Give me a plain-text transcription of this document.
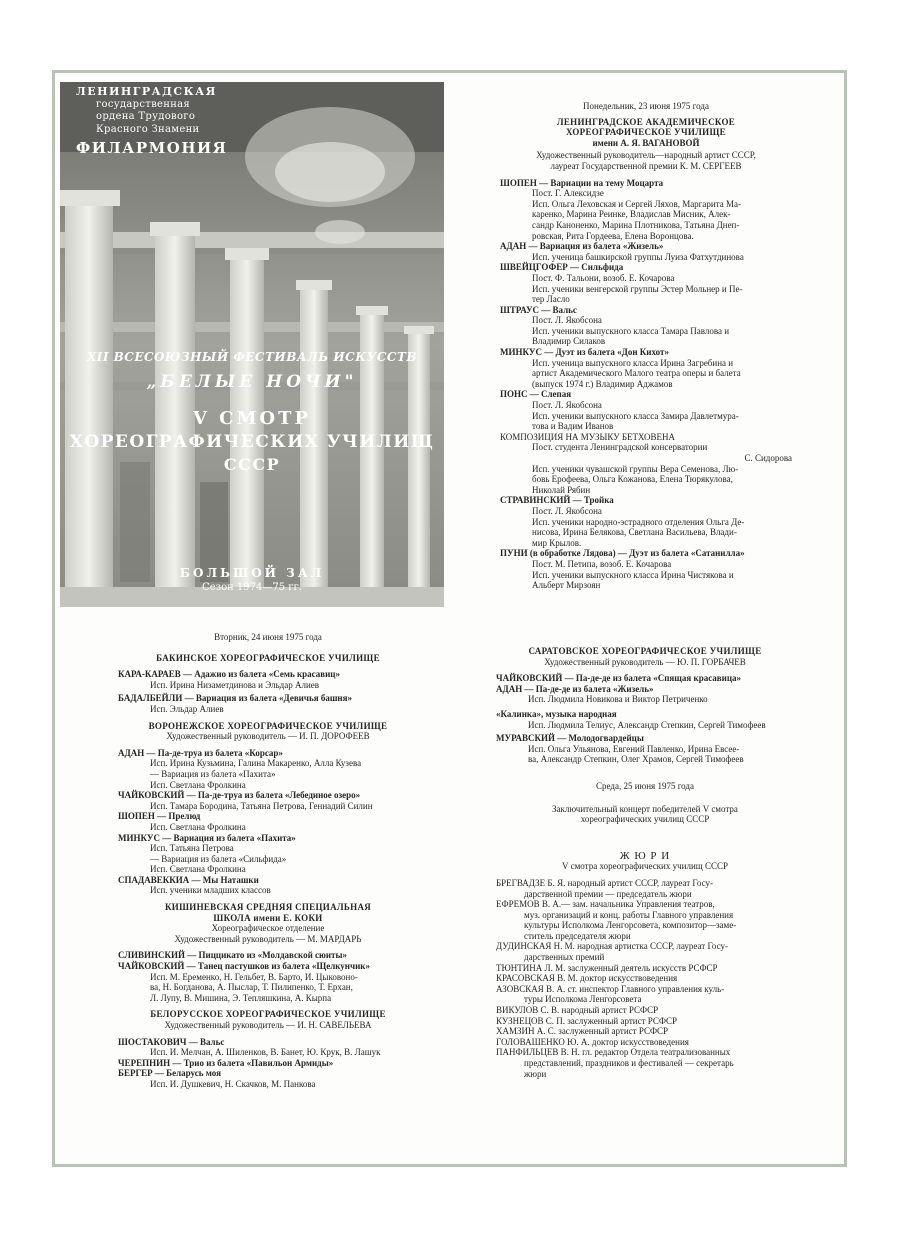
ЛЕНИНГРАДСКАЯ
государственная
ордена Трудового
Красного Знамени
ФИЛАРМОНИЯ
XII ВСЕСОЮЗНЫЙ ФЕСТИВАЛЬ ИСКУССТВ
„БЕЛЫЕ НОЧИ"
V СМОТР
ХОРЕОГРАФИЧЕСКИХ УЧИЛИЩ
СССР
БОЛЬШОЙ ЗАЛ
Сезон 1974—75 гг.

Понедельник, 23 июня 1975 года

ЛЕНИНГРАДСКОЕ АКАДЕМИЧЕСКОЕ

ХОРЕОГРАФИЧЕСКОЕ УЧИЛИЩЕ

имени А. Я. ВАГАНОВОЙ

Художественный руководитель—народный артист СССР,

лауреат Государственной премии К. М. СЕРГЕЕВ

ШОПЕН — Вариации на тему Моцарта

Пост. Г. Алексидзе

Исп. Ольга Леховская и Сергей Ляхов, Маргарита Ма-

каренко, Марина Реинке, Владислав Мисник, Алек-

сандр Каноненко, Марина Плотникова, Татьяна Днеп-

ровская, Рита Гордеева, Елена Воронцова.

АДАН — Вариация из балета «Жизель»

Исп. ученица башкирской группы Луиза Фатхутдинова

ШВЕЙЦГОФЕР — Сильфида

Пост. Ф. Тальони, возоб. Е. Кочарова

Исп. ученики венгерской группы Эстер Мольнер и Пе-

тер Ласло

ШТРАУС — Вальс

Пост. Л. Якобсона

Исп. ученики выпускного класса Тамара Павлова и

Владимир Силаков

МИНКУС — Дуэт из балета «Дон Кихот»

Исп. ученица выпускного класса Ирина Загребина и

артист Академического Малого театра оперы и балета

(выпуск 1974 г.) Владимир Аджамов

ПОНС — Слепая

Пост. Л. Якобсона

Исп. ученики выпускного класса Замира Давлетмура-

това и Вадим Иванов

КОМПОЗИЦИЯ НА МУЗЫКУ БЕТХОВЕНА

Пост. студента Ленинградской консерватории

С. Сидорова

Исп. ученики чувашской группы Вера Семенова, Лю-

бовь Ерофеева, Ольга Кожанова, Елена Тюрякулова,

Николай Рябин

СТРАВИНСКИЙ — Тройка

Пост. Л. Якобсона

Исп. ученики народно-эстрадного отделения Ольга Де-

нисова, Ирина Белякова, Светлана Васильева, Влади-

мир Крылов.

ПУНИ (в обработке Лядова) — Дуэт из балета «Сатанилла»

Пост. М. Петипа, возоб. Е. Кочарова

Исп. ученики выпускного класса Ирина Чистякова и

Альберт Мирзоян

Вторник, 24 июня 1975 года

БАКИНСКОЕ ХОРЕОГРАФИЧЕСКОЕ УЧИЛИЩЕ

КАРА-КАРАЕВ — Адажио из балета «Семь красавиц»

Исп. Ирина Низаметдинова и Эльдар Алиев

БАДАЛБЕЙЛИ — Вариация из балета «Девичья башня»

Исп. Эльдар Алиев

ВОРОНЕЖСКОЕ ХОРЕОГРАФИЧЕСКОЕ УЧИЛИЩЕ

Художественный руководитель — И. П. ДОРОФЕЕВ

АДАН — Па-де-труа из балета «Корсар»

Исп. Ирина Кузьмина, Галина Макаренко, Алла Кузева

— Вариация из балета «Пахита»

Исп. Светлана Фролкина

ЧАЙКОВСКИЙ — Па-де-труа из балета «Лебединое озеро»

Исп. Тамара Бородина, Татьяна Петрова, Геннадий Силин

ШОПЕН — Прелюд

Исп. Светлана Фролкина

МИНКУС — Вариация из балета «Пахита»

Исп. Татьяна Петрова

— Вариация из балета «Сильфида»

Исп. Светлана Фролкина

СПАДАВЕККИА — Мы Наташки

Исп. ученики младших классов

КИШИНЕВСКАЯ СРЕДНЯЯ СПЕЦИАЛЬНАЯ

ШКОЛА имени Е. КОКИ

Хореографическое отделение

Художественный руководитель — М. МАРДАРЬ

СЛИВИНСКИЙ — Пиццикато из «Молдавской сюиты»

ЧАЙКОВСКИЙ — Танец пастушков из балета «Щелкунчик»

Исп. М. Еременко, Н. Гельбет, В. Барто, И. Цыковоно-

ва, Н. Богданова, А. Пыслар, Т. Пилипенко, Т. Ерхан,

Л. Лупу, В. Мишина, Э. Тепляшкина, А. Кырпа

БЕЛОРУССКОЕ ХОРЕОГРАФИЧЕСКОЕ УЧИЛИЩЕ

Художественный руководитель — И. Н. САВЕЛЬЕВА

ШОСТАКОВИЧ — Вальс

Исп. И. Мелчан, А. Шиленков, В. Банет, Ю. Крук, В. Лашук

ЧЕРЕПНИН — Трио из балета «Павильон Армиды»

БЕРГЕР — Беларусь моя

Исп. И. Душкевич, Н. Скачков, М. Панкова

САРАТОВСКОЕ ХОРЕОГРАФИЧЕСКОЕ УЧИЛИЩЕ

Художественный руководитель — Ю. П. ГОРБАЧЕВ

ЧАЙКОВСКИЙ — Па-де-де из балета «Спящая красавица»

АДАН — Па-де-де из балета «Жизель»

Исп. Людмила Новикова и Виктор Петриченко

«Калинка», музыка народная

Исп. Людмила Телиус, Александр Степкин, Сергей Тимофеев

МУРАВСКИЙ — Молодогвардейцы

Исп. Ольга Ульянова, Евгений Павленко, Ирина Евсее-

ва, Александр Степкин, Олег Храмов, Сергей Тимофеев

Среда, 25 июня 1975 года

Заключительный концерт победителей V смотра

хореографических училищ СССР

Ж Ю Р И

V смотра хореографических училищ СССР

БРЕГВАДЗЕ Б. Я. народный артист СССР, лауреат Госу-

дарственной премии — председатель жюри

ЕФРЕМОВ В. А.— зам. начальника Управления театров,

муз. организаций и конц. работы Главного управления

культуры Исполкома Ленгорсовета, композитор—заме-

ститель председателя жюри

ДУДИНСКАЯ Н. М. народная артистка СССР, лауреат Госу-

дарственных премий

ТЮНТИНА Л. М. заслуженный деятель искусств РСФСР

КРАСОВСКАЯ В. М. доктор искусствоведения

АЗОВСКАЯ В. А. ст. инспектор Главного управления куль-

туры Исполкома Ленгорсовета

ВИКУЛОВ С. В. народный артист РСФСР

КУЗНЕЦОВ С. П. заслуженный артист РСФСР

ХАМЗИН А. С. заслуженный артист РСФСР

ГОЛОВАШЕНКО Ю. А. доктор искусствоведения

ПАНФИЛЬЦЕВ В. Н. гл. редактор Отдела театрализованных

представлений, праздников и фестивалей — секретарь

жюри
